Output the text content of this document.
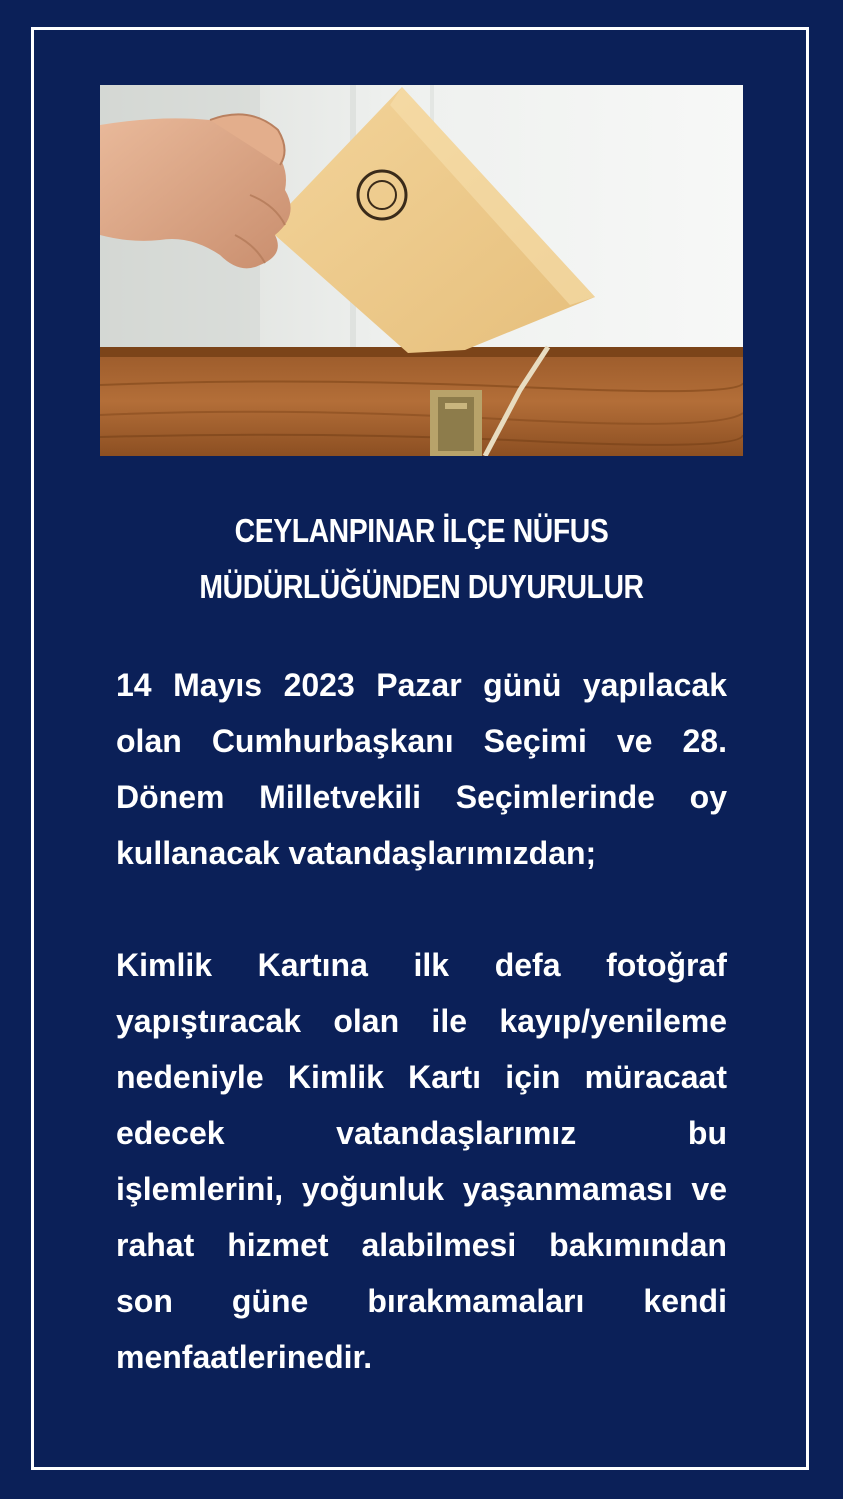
CEYLANPINAR İLÇE NÜFUS
MÜDÜRLÜĞÜNDEN DUYURULUR
14 Mayıs 2023 Pazar günü yapılacak
olan Cumhurbaşkanı Seçimi ve 28.
Dönem Milletvekili Seçimlerinde oy
kullanacak vatandaşlarımızdan;
Kimlik Kartına ilk defa fotoğraf
yapıştıracak olan ile kayıp/yenileme
nedeniyle Kimlik Kartı için müracaat
edecek	vatandaşlarımız	bu
işlemlerini, yoğunluk yaşanmaması ve
rahat hizmet alabilmesi bakımından
son güne bırakmamaları kendi
menfaatlerinedir.
